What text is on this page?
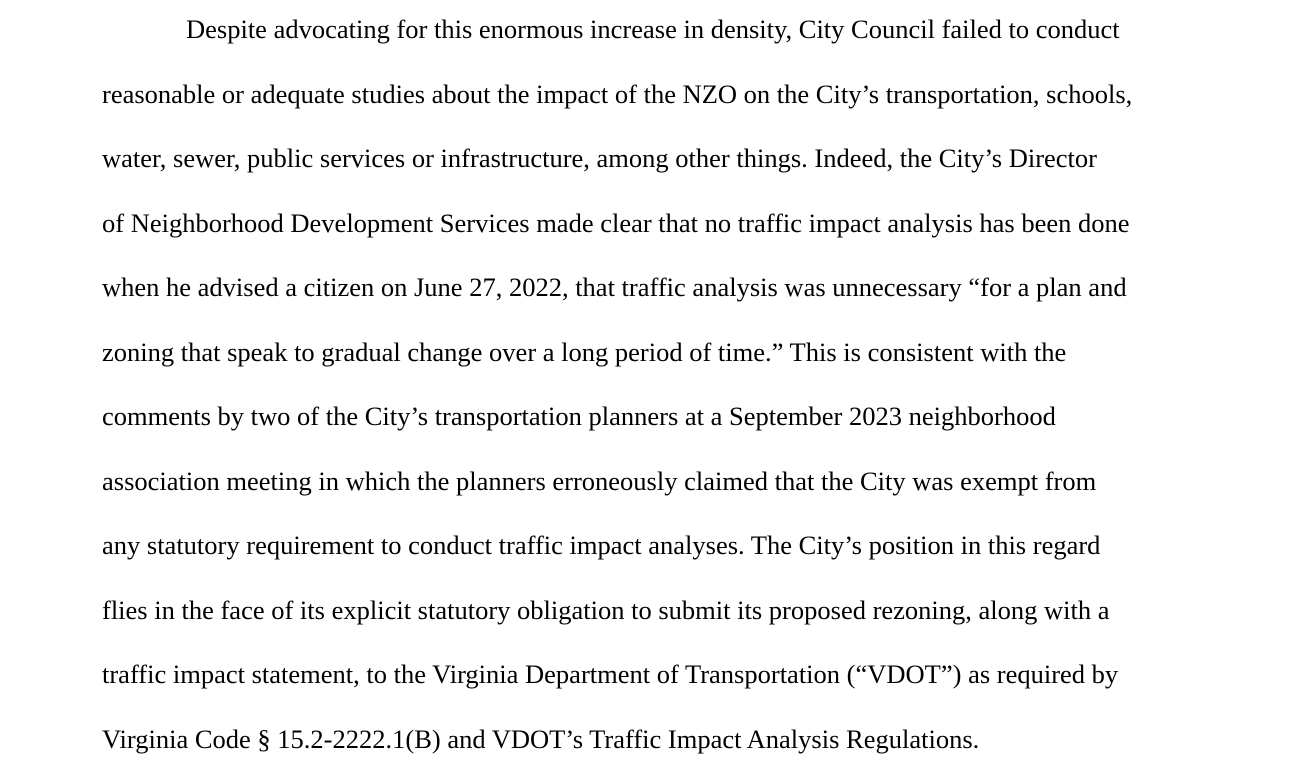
Despite advocating for this enormous increase in density, City Council failed to conduct
reasonable or adequate studies about the impact of the NZO on the City’s transportation, schools,
water, sewer, public services or infrastructure, among other things. Indeed, the City’s Director
of Neighborhood Development Services made clear that no traffic impact analysis has been done
when he advised a citizen on June 27, 2022, that traffic analysis was unnecessary “for a plan and
zoning that speak to gradual change over a long period of time.” This is consistent with the
comments by two of the City’s transportation planners at a September 2023 neighborhood
association meeting in which the planners erroneously claimed that the City was exempt from
any statutory requirement to conduct traffic impact analyses. The City’s position in this regard
flies in the face of its explicit statutory obligation to submit its proposed rezoning, along with a
traffic impact statement, to the Virginia Department of Transportation (“VDOT”) as required by
Virginia Code § 15.2-2222.1(B) and VDOT’s Traffic Impact Analysis Regulations.
